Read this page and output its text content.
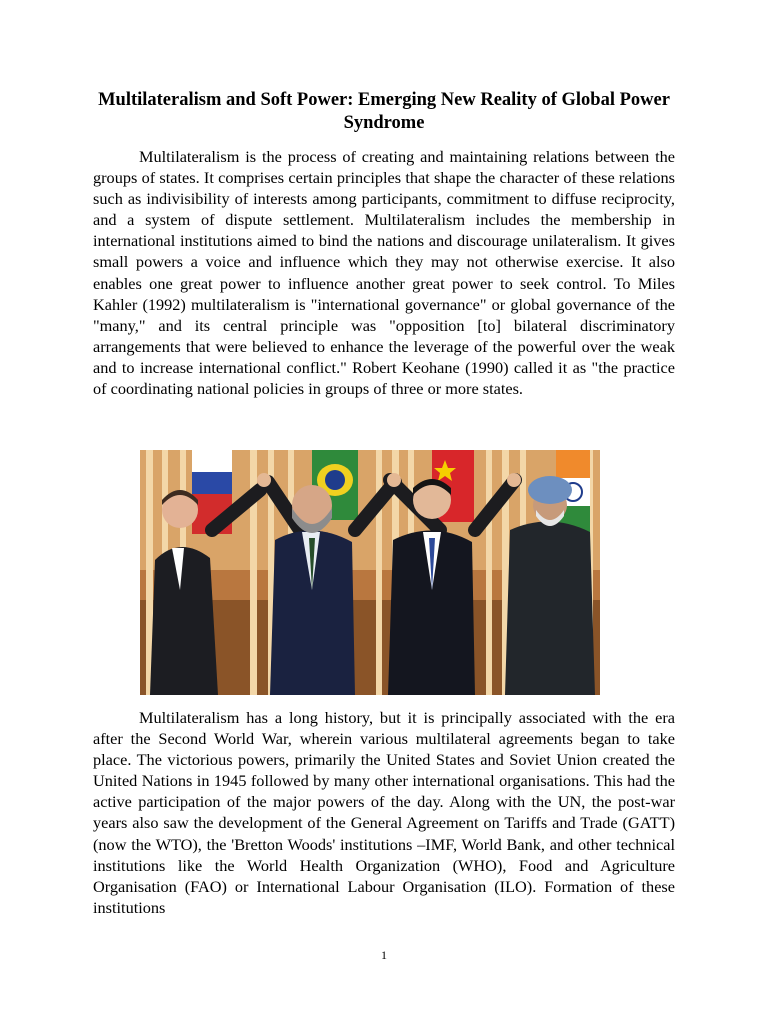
Multilateralism and Soft Power: Emerging New Reality of Global Power Syndrome

Multilateralism is the process of creating and maintaining relations between the groups of states. It comprises certain principles that shape the character of these relations such as indivisibility of interests among participants, commitment to diffuse reciprocity, and a system of dispute settlement. Multilateralism includes the membership in international institutions aimed to bind the nations and discourage unilateralism. It gives small powers a voice and influence which they may not otherwise exercise. It also enables one great power to influence another great power to seek control. To Miles Kahler (1992) multilateralism is "international governance" or global governance of the "many," and its central principle was "opposition [to] bilateral discriminatory arrangements that were believed to enhance the leverage of the powerful over the weak and to increase international conflict." Robert Keohane (1990) called it as "the practice of coordinating national policies in groups of three or more states.

Multilateralism has a long history, but it is principally associated with the era after the Second World War, wherein various multilateral agreements began to take place. The victorious powers, primarily the United States and Soviet Union created the United Nations in 1945 followed by many other international organisations. This had the active participation of the major powers of the day. Along with the UN, the post-war years also saw the development of the General Agreement on Tariffs and Trade (GATT) (now the WTO), the 'Bretton Woods' institutions –IMF, World Bank, and other technical institutions like the World Health Organization (WHO), Food and Agriculture Organisation (FAO) or International Labour Organisation (ILO). Formation of these institutions

1
